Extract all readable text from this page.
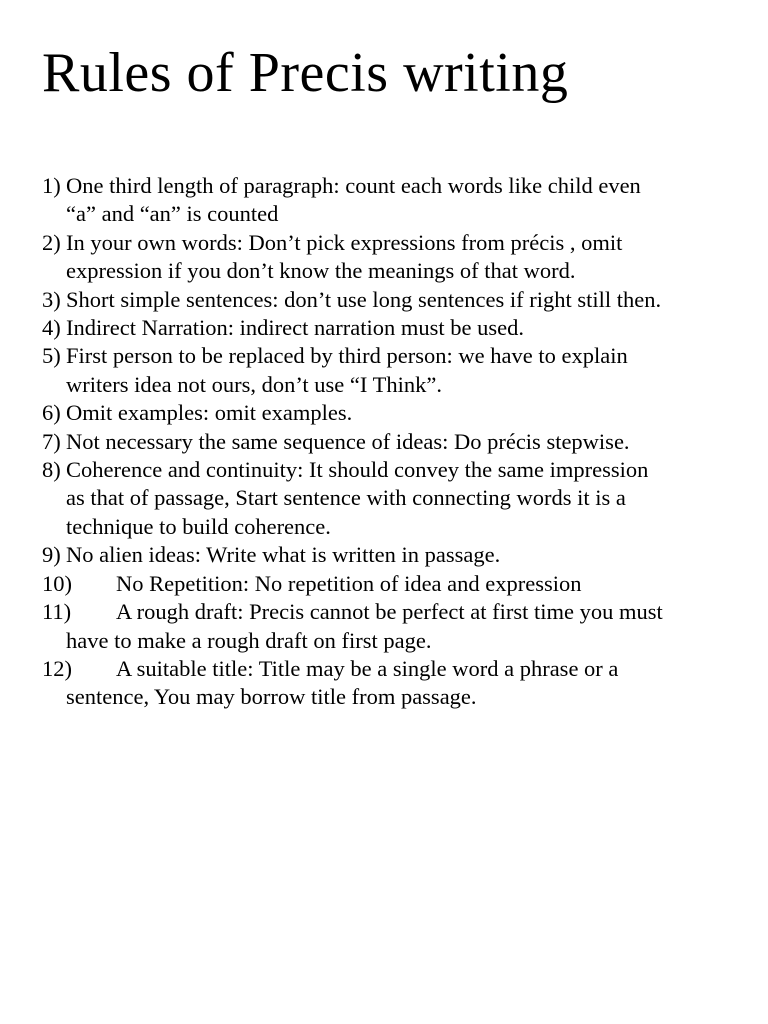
Rules of Precis writing
1) One third length of paragraph: count each words like child even “a” and “an” is counted
2) In your own words: Don’t pick expressions from précis , omit expression if you don’t know the meanings of that word.
3) Short simple sentences: don’t use long sentences if right still then.
4) Indirect Narration: indirect narration must be used.
5) First person to be replaced by third person: we have to explain writers idea not ours, don’t use “I Think”.
6) Omit examples: omit examples.
7) Not necessary the same sequence of ideas: Do précis stepwise.
8) Coherence and continuity: It should convey the same impression as that of passage, Start sentence with connecting words it is a technique to build coherence.
9) No alien ideas: Write what is written in passage.
10) No Repetition: No repetition of idea and expression
11) A rough draft: Precis cannot be perfect at first time you must have to make a rough draft on first page.
12) A suitable title: Title may be a single word a phrase or a sentence, You may borrow title from passage.
